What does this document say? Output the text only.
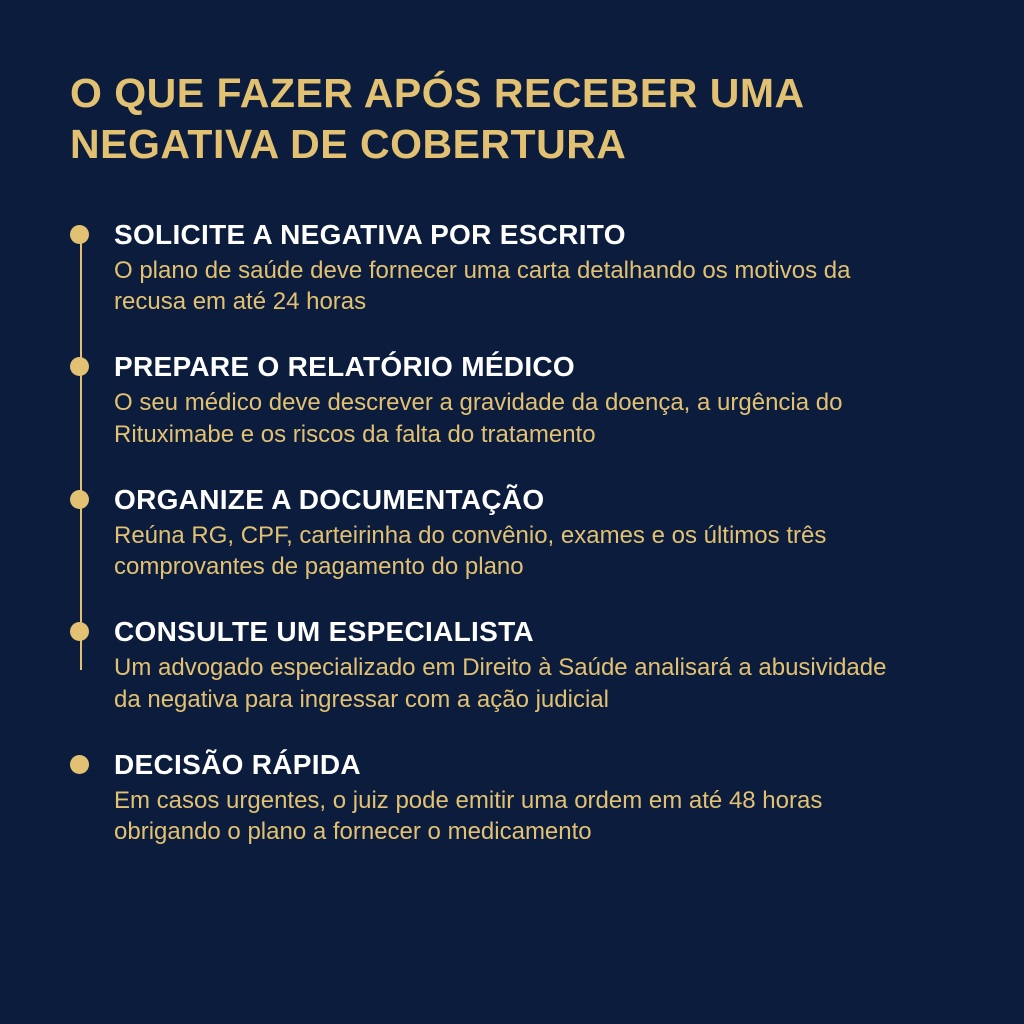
O QUE FAZER APÓS RECEBER UMA NEGATIVA DE COBERTURA
SOLICITE A NEGATIVA POR ESCRITO

O plano de saúde deve fornecer uma carta detalhando os motivos da recusa em até 24 horas

PREPARE O RELATÓRIO MÉDICO

O seu médico deve descrever a gravidade da doença, a urgência do Rituximabe e os riscos da falta do tratamento

ORGANIZE A DOCUMENTAÇÃO

Reúna RG, CPF, carteirinha do convênio, exames e os últimos três comprovantes de pagamento do plano

CONSULTE UM ESPECIALISTA

Um advogado especializado em Direito à Saúde analisará a abusividade da negativa para ingressar com a ação judicial

DECISÃO RÁPIDA

Em casos urgentes, o juiz pode emitir uma ordem em até 48 horas obrigando o plano a fornecer o medicamento
